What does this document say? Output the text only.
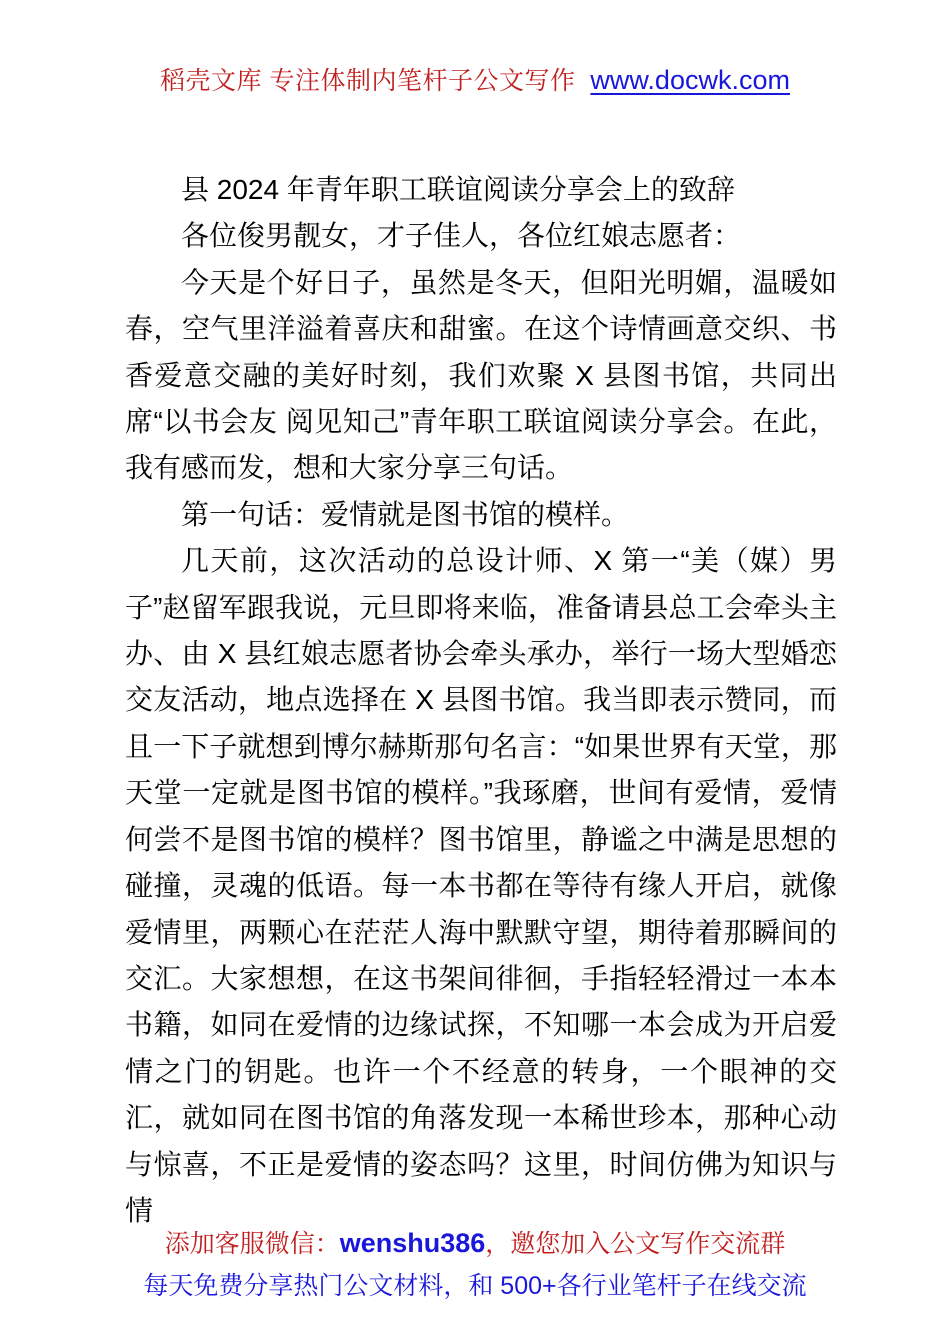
稻壳文库 专注体制内笔杆子公文写作 www.docwk.com

县 2024 年青年职工联谊阅读分享会上的致辞

各位俊男靓女，才子佳人，各位红娘志愿者：

今天是个好日子，虽然是冬天，但阳光明媚，温暖如春，空气里洋溢着喜庆和甜蜜。在这个诗情画意交织、书香爱意交融的美好时刻，我们欢聚 X 县图书馆，共同出席“以书会友 阅见知己”青年职工联谊阅读分享会。在此，我有感而发，想和大家分享三句话。

第一句话：爱情就是图书馆的模样。

几天前，这次活动的总设计师、X 第一“美（媒）男子”赵留军跟我说，元旦即将来临，准备请县总工会牵头主办、由 X 县红娘志愿者协会牵头承办，举行一场大型婚恋交友活动，地点选择在 X 县图书馆。我当即表示赞同，而且一下子就想到博尔赫斯那句名言：“如果世界有天堂，那天堂一定就是图书馆的模样。”我琢磨，世间有爱情，爱情何尝不是图书馆的模样？图书馆里，静谧之中满是思想的碰撞，灵魂的低语。每一本书都在等待有缘人开启，就像爱情里，两颗心在茫茫人海中默默守望，期待着那瞬间的交汇。大家想想，在这书架间徘徊，手指轻轻滑过一本本书籍，如同在爱情的边缘试探，不知哪一本会成为开启爱情之门的钥匙。也许一个不经意的转身，一个眼神的交汇，就如同在图书馆的角落发现一本稀世珍本，那种心动与惊喜，不正是爱情的姿态吗？这里，时间仿佛为知识与情

添加客服微信：wenshu386，邀您加入公文写作交流群
每天免费分享热门公文材料，和 500+各行业笔杆子在线交流
